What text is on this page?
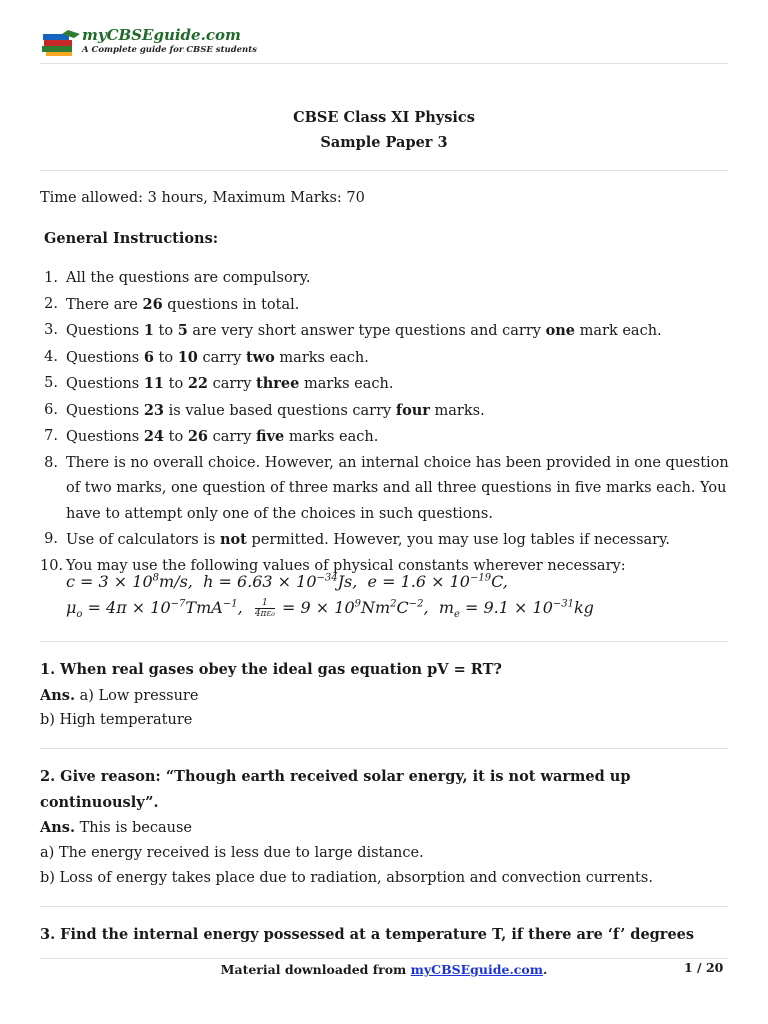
myCBSEguide.com
A Complete guide for CBSE students
CBSE Class XI Physics
Sample Paper 3
Time allowed: 3 hours, Maximum Marks: 70
General Instructions:
1. All the questions are compulsory.
2. There are 26 questions in total.
3. Questions 1 to 5 are very short answer type questions and carry one mark each.
4. Questions 6 to 10 carry two marks each.
5. Questions 11 to 22 carry three marks each.
6. Questions 23 is value based questions carry four marks.
7. Questions 24 to 26 carry five marks each.
8. There is no overall choice. However, an internal choice has been provided in one question of two marks, one question of three marks and all three questions in five marks each. You have to attempt only one of the choices in such questions.
9. Use of calculators is not permitted. However, you may use log tables if necessary.
10. You may use the following values of physical constants wherever necessary:
$c = 3 \times 10^8m/s$, $h = 6.63 \times 10^{-34}Js$, $e = 1.6 \times 10^{-19}C$,
$\mu_o = 4\pi \times 10^{-7}TmA^{-1}$, $\frac{1}{\text{4πε₀}} = 9 \times 10^9Nm^2C^{-2}$,  $m_e = 9.1 \times 10^{-31}kg$
1. When real gases obey the ideal gas equation pV = RT?
Ans. a) Low pressure
b) High temperature
2. Give reason: “Though earth received solar energy, it is not warmed up
continuously”.
Ans. This is because
a) The energy received is less due to large distance.
b) Loss of energy takes place due to radiation, absorption and convection currents.
3. Find the internal energy possessed at a temperature T, if there are ‘f’ degrees
Material downloaded from myCBSEguide.com.	1 / 20
